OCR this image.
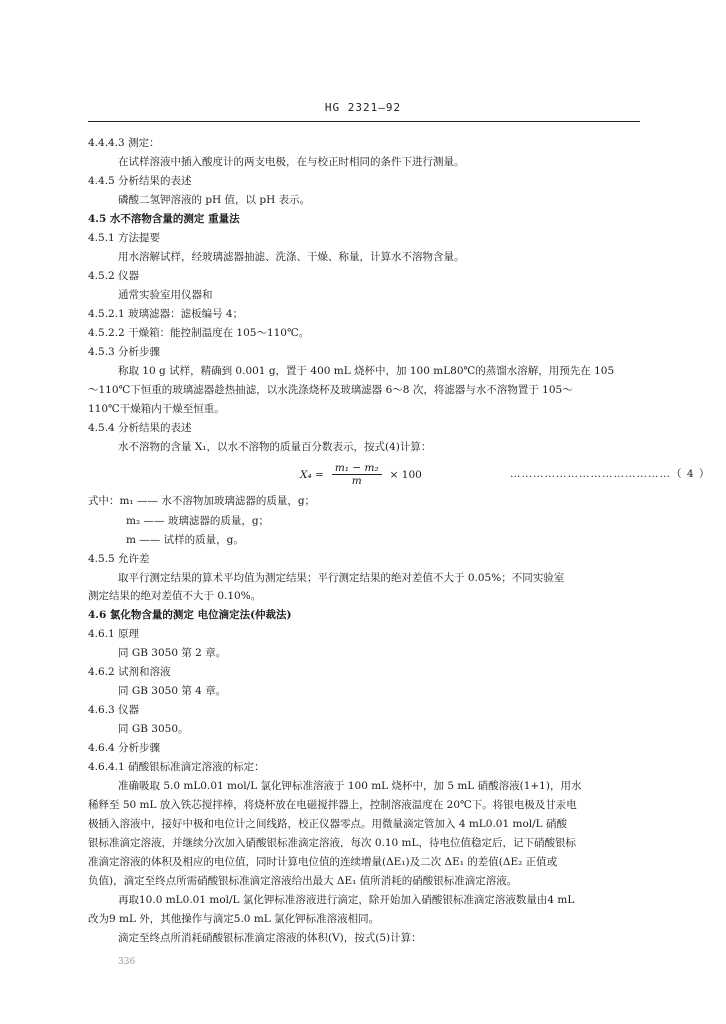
HG 2321—92
4.4.4.3 测定：
在试样溶液中插入酸度计的两支电极，在与校正时相同的条件下进行测量。
4.4.5 分析结果的表述
磷酸二氢钾溶液的 pH 值，以 pH 表示。
4.5 水不溶物含量的测定 重量法
4.5.1 方法提要
用水溶解试样，经玻璃滤器抽滤、洗涤、干燥、称量，计算水不溶物含量。
4.5.2 仪器
通常实验室用仪器和
4.5.2.1 玻璃滤器：滤板编号 4；
4.5.2.2 干燥箱：能控制温度在 105～110℃。
4.5.3 分析步骤
称取 10 g 试样，精确到 0.001 g，置于 400 mL 烧杯中，加 100 mL80℃的蒸馏水溶解，用预先在 105
～110℃下恒重的玻璃滤器趁热抽滤，以水洗涤烧杯及玻璃滤器 6～8 次，将滤器与水不溶物置于 105～
110℃干燥箱内干燥至恒重。
4.5.4 分析结果的表述
水不溶物的含量 X₁，以水不溶物的质量百分数表示，按式(4)计算：
$X_4 = \frac{\text{m₁ − m₂}}{m} \times 100$	……………………………………（ 4 ）
式中：m₁ —— 水不溶物加玻璃滤器的质量，g；
m₂ —— 玻璃滤器的质量，g；
m —— 试样的质量，g。
4.5.5 允许差
取平行测定结果的算术平均值为测定结果；平行测定结果的绝对差值不大于 0.05%；不同实验室
测定结果的绝对差值不大于 0.10%。
4.6 氯化物含量的测定 电位滴定法(仲裁法)
4.6.1 原理
同 GB 3050 第 2 章。
4.6.2 试剂和溶液
同 GB 3050 第 4 章。
4.6.3 仪器
同 GB 3050。
4.6.4 分析步骤
4.6.4.1 硝酸银标准滴定溶液的标定：
准确吸取 5.0 mL0.01 mol/L 氯化钾标准溶液于 100 mL 烧杯中，加 5 mL 硝酸溶液(1+1)，用水
稀释至 50 mL 放入铁芯搅拌棒，将烧杯放在电磁搅拌器上，控制溶液温度在 20℃下。将银电极及甘汞电
极插入溶液中，接好中极和电位计之间线路，校正仪器零点。用微量滴定管加入 4 mL0.01 mol/L 硝酸
银标准滴定溶液，并继续分次加入硝酸银标准滴定溶液，每次 0.10 mL，待电位值稳定后，记下硝酸银标
准滴定溶液的体积及相应的电位值，同时计算电位值的连续增量(ΔE₁)及二次 ΔE₁ 的差值(ΔE₂ 正值或
负值)，滴定至终点所需硝酸银标准滴定溶液给出最大 ΔE₁ 值所消耗的硝酸银标准滴定溶液。
再取10.0 mL0.01 mol/L 氯化钾标准溶液进行滴定，除开始加入硝酸银标准滴定溶液数量由4 mL
改为9 mL 外，其他操作与滴定5.0 mL 氯化钾标准溶液相同。
滴定至终点所消耗硝酸银标准滴定溶液的体积(V)，按式(5)计算：
336
